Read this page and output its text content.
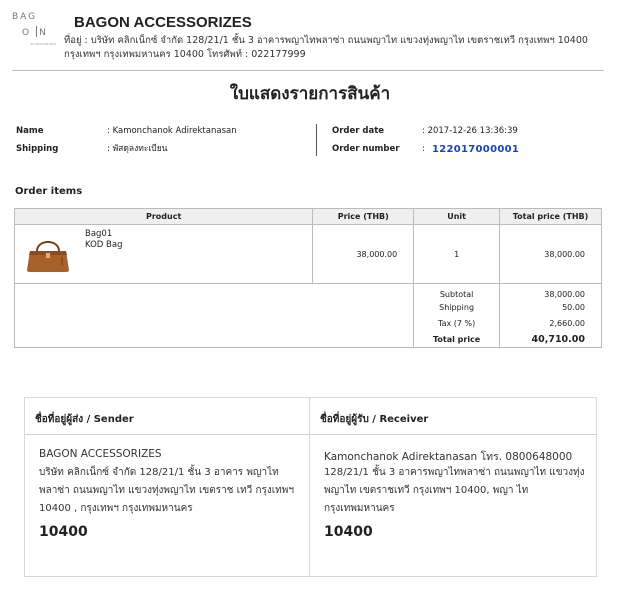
BAG
O N
ACCESSORIZES
BAGON ACCESSORIZES
ที่อยู่ : บริษัท คลิกเน็กซ์ จำกัด 128/21/1 ชั้น 3 อาคารพญาไทพลาซ่า ถนนพญาไท แขวงทุ่งพญาไท เขตราชเทวี กรุงเทพฯ 10400 กรุงเทพฯ กรุงเทพมหานคร 10400 โทรศัพท์ : 022177999
ใบแสดงรายการสินค้า
Name	: Kamonchanok Adirektanasan
Shipping	: พัสดุลงทะเบียน
Order date	: 2017-12-26 13:36:39
Order number	: 122017000001
Order items
Product	Price (THB)	Unit	Total price (THB)

Bag01
KOD Bag	38,000.00	1	38,000.00
		Subtotal	38,000.00
		Shipping	50.00
		Tax (7 %)	2,660.00
		Total price	40,710.00
ชื่อที่อยู่ผู้ส่ง / Sender
BAGON ACCESSORIZES
บริษัท คลิกเน็กซ์ จำกัด 128/21/1 ชั้น 3 อาคาร พญาไทพลาซ่า ถนนพญาไท แขวงทุ่งพญาไท เขตราช เทวี กรุงเทพฯ 10400 , กรุงเทพฯ กรุงเทพมหานคร
10400
ชื่อที่อยู่ผู้รับ / Receiver
Kamonchanok Adirektanasan โทร. 0800648000
128/21/1 ชั้น 3 อาคารพญาไทพลาซ่า ถนนพญาไท แขวงทุ่งพญาไท เขตราชเทวี กรุงเทพฯ 10400, พญา ไท กรุงเทพมหานคร
10400
